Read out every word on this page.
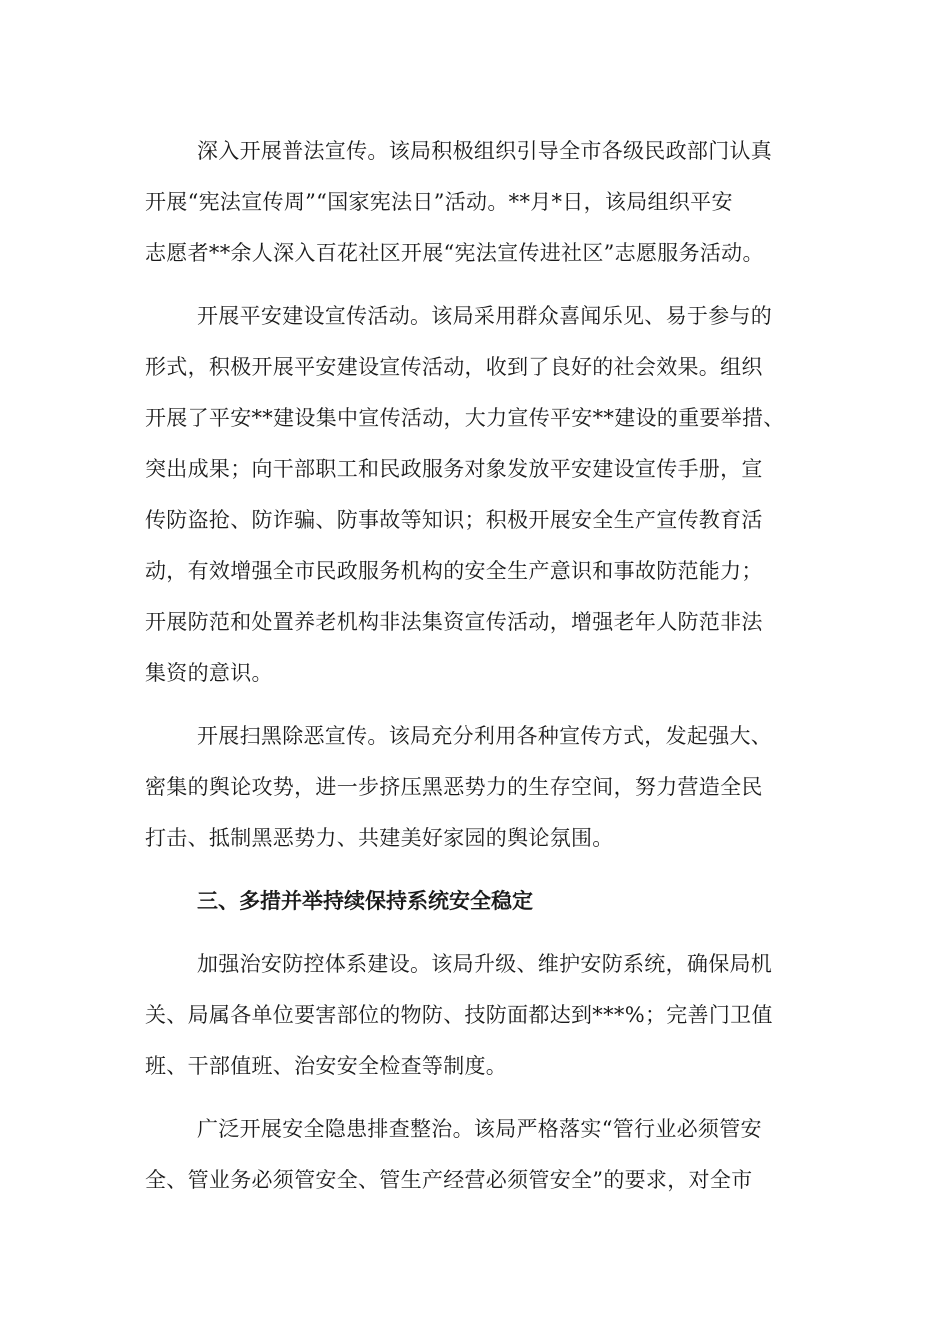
深入开展普法宣传。该局积极组织引导全市各级民政部门认真
开展“宪法宣传周”“国家宪法日”活动。**月*日，该局组织平安
志愿者**余人深入百花社区开展“宪法宣传进社区”志愿服务活动。

开展平安建设宣传活动。该局采用群众喜闻乐见、易于参与的
形式，积极开展平安建设宣传活动，收到了良好的社会效果。组织
开展了平安**建设集中宣传活动，大力宣传平安**建设的重要举措、
突出成果；向干部职工和民政服务对象发放平安建设宣传手册，宣
传防盗抢、防诈骗、防事故等知识；积极开展安全生产宣传教育活
动，有效增强全市民政服务机构的安全生产意识和事故防范能力；
开展防范和处置养老机构非法集资宣传活动，增强老年人防范非法
集资的意识。

开展扫黑除恶宣传。该局充分利用各种宣传方式，发起强大、
密集的舆论攻势，进一步挤压黑恶势力的生存空间，努力营造全民
打击、抵制黑恶势力、共建美好家园的舆论氛围。

三、多措并举持续保持系统安全稳定

加强治安防控体系建设。该局升级、维护安防系统，确保局机
关、局属各单位要害部位的物防、技防面都达到***%；完善门卫值
班、干部值班、治安安全检查等制度。

广泛开展安全隐患排查整治。该局严格落实“管行业必须管安
全、管业务必须管安全、管生产经营必须管安全”的要求，对全市
